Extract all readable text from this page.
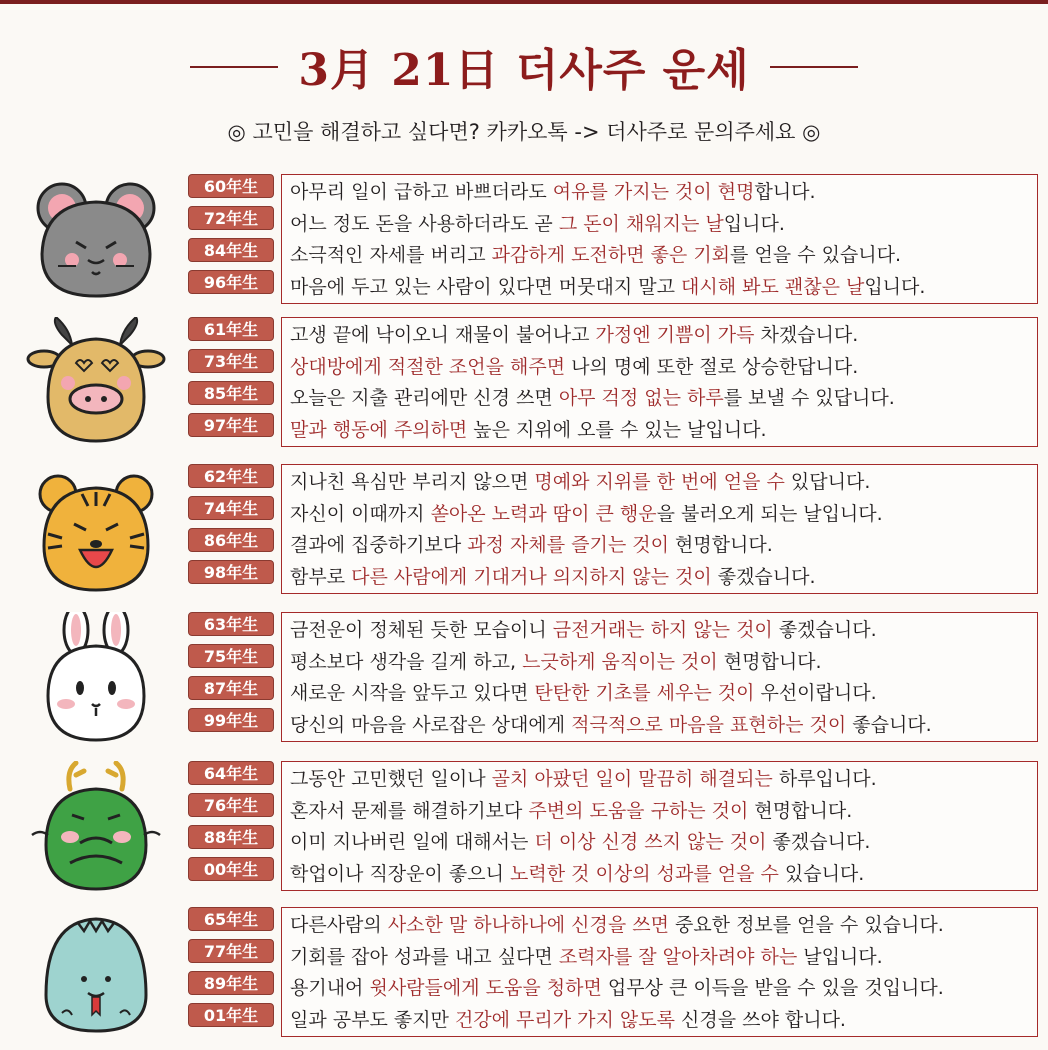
3月 21日 더사주 운세
◎ 고민을 해결하고 싶다면? 카카오톡 -> 더사주로 문의주세요 ◎
60年生
72年生
84年生
96年生
아무리 일이 급하고 바쁘더라도 여유를 가지는 것이 현명합니다.
어느 정도 돈을 사용하더라도 곧 그 돈이 채워지는 날입니다.
소극적인 자세를 버리고 과감하게 도전하면 좋은 기회를 얻을 수 있습니다.
마음에 두고 있는 사람이 있다면 머뭇대지 말고 대시해 봐도 괜찮은 날입니다.
61年生
73年生
85年生
97年生
고생 끝에 낙이오니 재물이 불어나고 가정엔 기쁨이 가득 차겠습니다.
상대방에게 적절한 조언을 해주면 나의 명예 또한 절로 상승한답니다.
오늘은 지출 관리에만 신경 쓰면 아무 걱정 없는 하루를 보낼 수 있답니다.
말과 행동에 주의하면 높은 지위에 오를 수 있는 날입니다.
62年生
74年生
86年生
98年生
지나친 욕심만 부리지 않으면 명예와 지위를 한 번에 얻을 수 있답니다.
자신이 이때까지 쏟아온 노력과 땀이 큰 행운을 불러오게 되는 날입니다.
결과에 집중하기보다 과정 자체를 즐기는 것이 현명합니다.
함부로 다른 사람에게 기대거나 의지하지 않는 것이 좋겠습니다.
63年生
75年生
87年生
99年生
금전운이 정체된 듯한 모습이니 금전거래는 하지 않는 것이 좋겠습니다.
평소보다 생각을 길게 하고, 느긋하게 움직이는 것이 현명합니다.
새로운 시작을 앞두고 있다면 탄탄한 기초를 세우는 것이 우선이랍니다.
당신의 마음을 사로잡은 상대에게 적극적으로 마음을 표현하는 것이 좋습니다.
64年生
76年生
88年生
00年生
그동안 고민했던 일이나 골치 아팠던 일이 말끔히 해결되는 하루입니다.
혼자서 문제를 해결하기보다 주변의 도움을 구하는 것이 현명합니다.
이미 지나버린 일에 대해서는 더 이상 신경 쓰지 않는 것이 좋겠습니다.
학업이나 직장운이 좋으니 노력한 것 이상의 성과를 얻을 수 있습니다.
65年生
77年生
89年生
01年生
다른사람의 사소한 말 하나하나에 신경을 쓰면 중요한 정보를 얻을 수 있습니다.
기회를 잡아 성과를 내고 싶다면 조력자를 잘 알아차려야 하는 날입니다.
용기내어 윗사람들에게 도움을 청하면 업무상 큰 이득을 받을 수 있을 것입니다.
일과 공부도 좋지만 건강에 무리가 가지 않도록 신경을 쓰야 합니다.
